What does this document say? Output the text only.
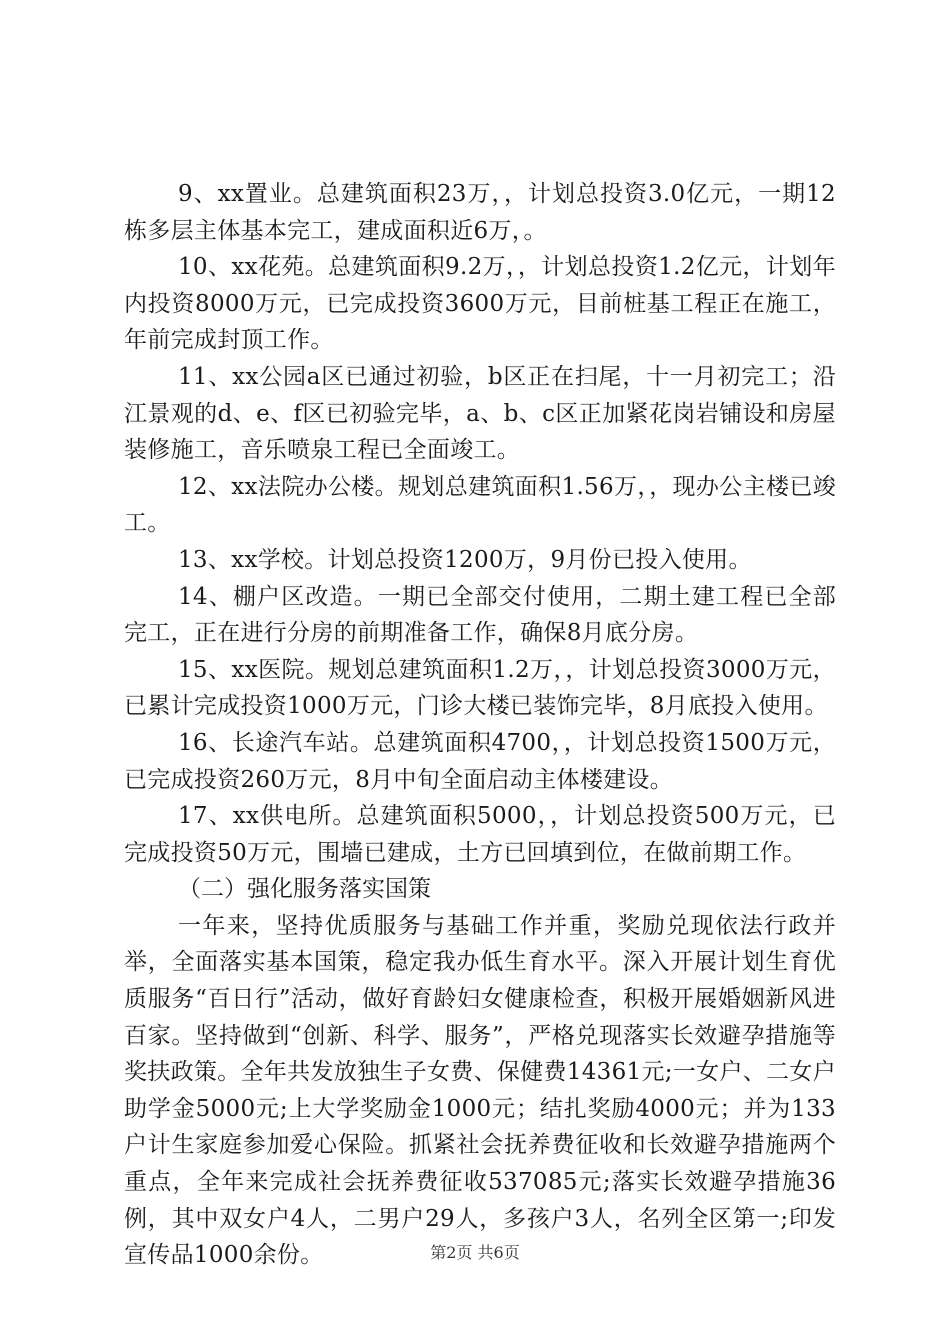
9、xx置业。总建筑面积23万，，计划总投资3.0亿元，一期12栋多层主体基本完工，建成面积近6万，。

10、xx花苑。总建筑面积9.2万，，计划总投资1.2亿元，计划年内投资8000万元，已完成投资3600万元，目前桩基工程正在施工，年前完成封顶工作。

11、xx公园a区已通过初验，b区正在扫尾，十一月初完工；沿江景观的d、e、f区已初验完毕，a、b、c区正加紧花岗岩铺设和房屋装修施工，音乐喷泉工程已全面竣工。

12、xx法院办公楼。规划总建筑面积1.56万，，现办公主楼已竣工。

13、xx学校。计划总投资1200万，9月份已投入使用。

14、棚户区改造。一期已全部交付使用，二期土建工程已全部完工，正在进行分房的前期准备工作，确保8月底分房。

15、xx医院。规划总建筑面积1.2万，，计划总投资3000万元，已累计完成投资1000万元，门诊大楼已装饰完毕，8月底投入使用。

16、长途汽车站。总建筑面积4700，，计划总投资1500万元，已完成投资260万元，8月中旬全面启动主体楼建设。

17、xx供电所。总建筑面积5000，，计划总投资500万元，已完成投资50万元，围墙已建成，土方已回填到位，在做前期工作。

（二）强化服务落实国策

一年来，坚持优质服务与基础工作并重，奖励兑现依法行政并举，全面落实基本国策，稳定我办低生育水平。深入开展计划生育优质服务“百日行”活动，做好育龄妇女健康检查，积极开展婚姻新风进百家。坚持做到“创新、科学、服务”，严格兑现落实长效避孕措施等奖扶政策。全年共发放独生子女费、保健费14361元;一女户、二女户助学金5000元;上大学奖励金1000元；结扎奖励4000元；并为133户计生家庭参加爱心保险。抓紧社会抚养费征收和长效避孕措施两个重点，全年来完成社会抚养费征收537085元;落实长效避孕措施36例，其中双女户4人，二男户29人，多孩户3人，名列全区第一;印发宣传品1000余份。	第2页 共6页
